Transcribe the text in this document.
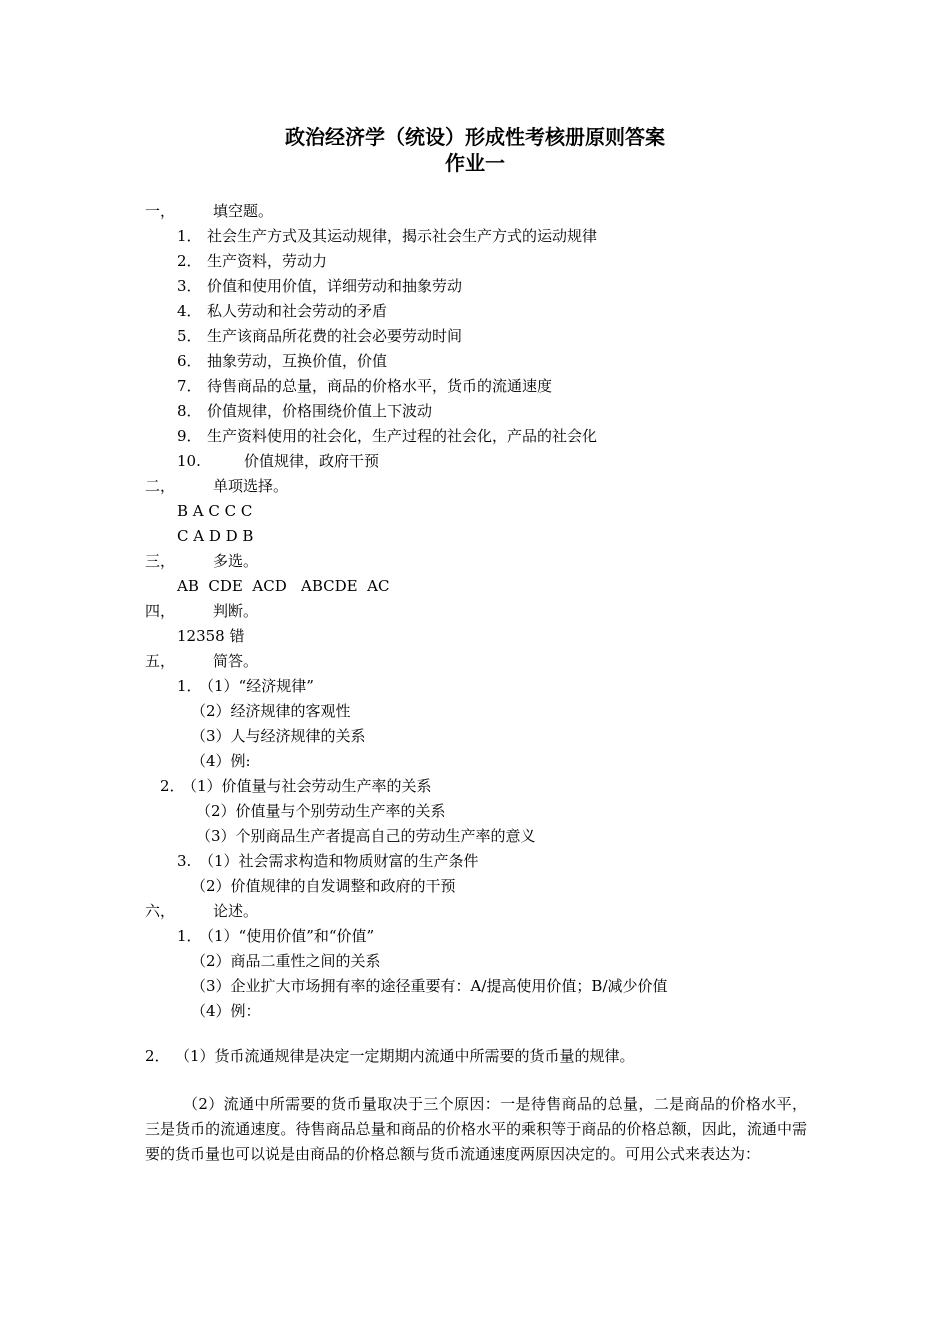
政治经济学（统设）形成性考核册原则答案
作业一
一，	填空题。
1． 社会生产方式及其运动规律，揭示社会生产方式的运动规律
2． 生产资料，劳动力
3． 价值和使用价值，详细劳动和抽象劳动
4． 私人劳动和社会劳动的矛盾
5． 生产该商品所花费的社会必要劳动时间
6． 抽象劳动，互换价值，价值
7． 待售商品的总量，商品的价格水平，货币的流通速度
8． 价值规律，价格围绕价值上下波动
9． 生产资料使用的社会化，生产过程的社会化，产品的社会化
10.	价值规律，政府干预
二，	单项选择。
B A C C C
C A D D B
三，	多选。
AB  CDE  ACD   ABCDE  AC
四，	判断。
12358 错
五，	简答。
1．（1）“经济规律”
（2）经济规律的客观性
（3）人与经济规律的关系
（4）例:
2．（1）价值量与社会劳动生产率的关系
（2）价值量与个别劳动生产率的关系
（3）个别商品生产者提高自己的劳动生产率的意义
3. （1）社会需求构造和物质财富的生产条件
（2）价值规律的自发调整和政府的干预
六，	论述。
1．（1）“使用价值”和“价值”
（2）商品二重性之间的关系
（3）企业扩大市场拥有率的途径重要有：A/提高使用价值；B/减少价值
（4）例：
2． （1）货币流通规律是决定一定期期内流通中所需要的货币量的规律。
（2）流通中所需要的货币量取决于三个原因：一是待售商品的总量，二是商品的价格水平，三是货币的流通速度。待售商品总量和商品的价格水平的乘积等于商品的价格总额，因此，流通中需要的货币量也可以说是由商品的价格总额与货币流通速度两原因决定的。可用公式来表达为：
